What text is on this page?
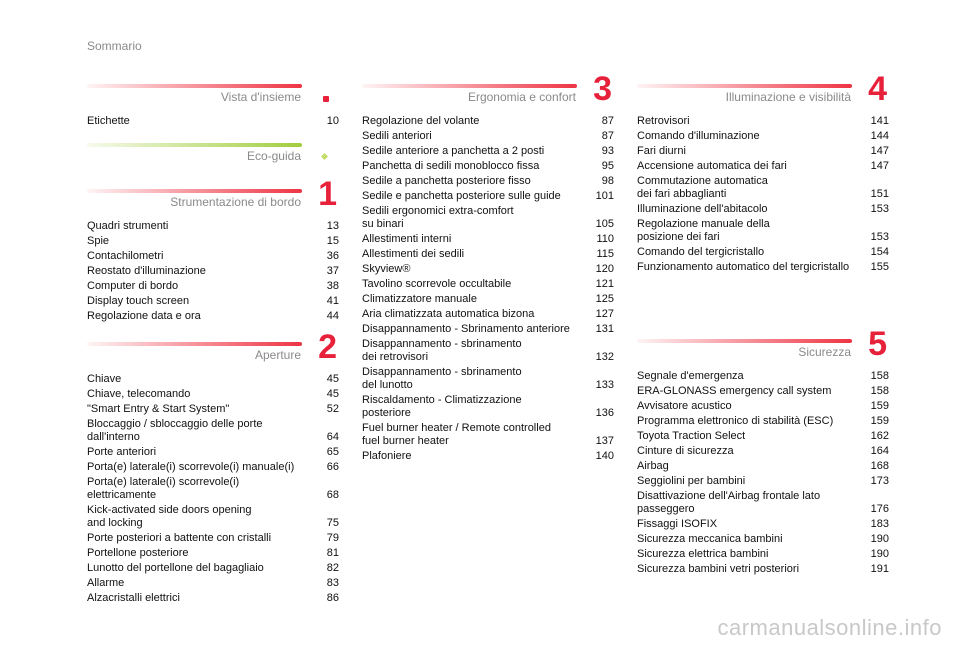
Sommario
Vista d'insieme
Etichette	10
Eco-guida
Strumentazione di bordo 1
Quadri strumenti	13
Spie	15
Contachilometri	36
Reostato d'illuminazione	37
Computer di bordo	38
Display touch screen	41
Regolazione data e ora	44
Aperture 2
Chiave	45
Chiave, telecomando	45
"Smart Entry & Start System"	52
Bloccaggio / sbloccaggio delle porte
dall'interno	64
Porte anteriori	65
Porta(e) laterale(i) scorrevole(i) manuale(i)	66
Porta(e) laterale(i) scorrevole(i)
elettricamente	68
Kick-activated side doors opening
and locking	75
Porte posteriori a battente con cristalli	79
Portellone posteriore	81
Lunotto del portellone del bagagliaio	82
Allarme	83
Alzacristalli elettrici	86
Ergonomia e confort 3
Regolazione del volante	87
Sedili anteriori	87
Sedile anteriore a panchetta a 2 posti	93
Panchetta di sedili monoblocco fissa	95
Sedile a panchetta posteriore fisso	98
Sedile e panchetta posteriore sulle guide	101
Sedili ergonomici extra-comfort
su binari	105
Allestimenti interni	110
Allestimenti dei sedili	115
Skyview®	120
Tavolino scorrevole occultabile	121
Climatizzatore manuale	125
Aria climatizzata automatica bizona	127
Disappannamento - Sbrinamento anteriore	131
Disappannamento - sbrinamento
dei retrovisori	132
Disappannamento - sbrinamento
del lunotto	133
Riscaldamento - Climatizzazione
posteriore	136
Fuel burner heater / Remote controlled
fuel burner heater	137
Plafoniere	140
Illuminazione e visibilità 4
Retrovisori	141
Comando d'illuminazione	144
Fari diurni	147
Accensione automatica dei fari	147
Commutazione automatica
dei fari abbaglianti	151
Illuminazione dell'abitacolo	153
Regolazione manuale della
posizione dei fari	153
Comando del tergicristallo	154
Funzionamento automatico del tergicristallo	155
Sicurezza 5
Segnale d'emergenza	158
ERA-GLONASS emergency call system	158
Avvisatore acustico	159
Programma elettronico di stabilità (ESC)	159
Toyota Traction Select	162
Cinture di sicurezza	164
Airbag	168
Seggiolini per bambini	173
Disattivazione dell'Airbag frontale lato
passeggero	176
Fissaggi ISOFIX	183
Sicurezza meccanica bambini	190
Sicurezza elettrica bambini	190
Sicurezza bambini vetri posteriori	191
carmanualsonline.info
